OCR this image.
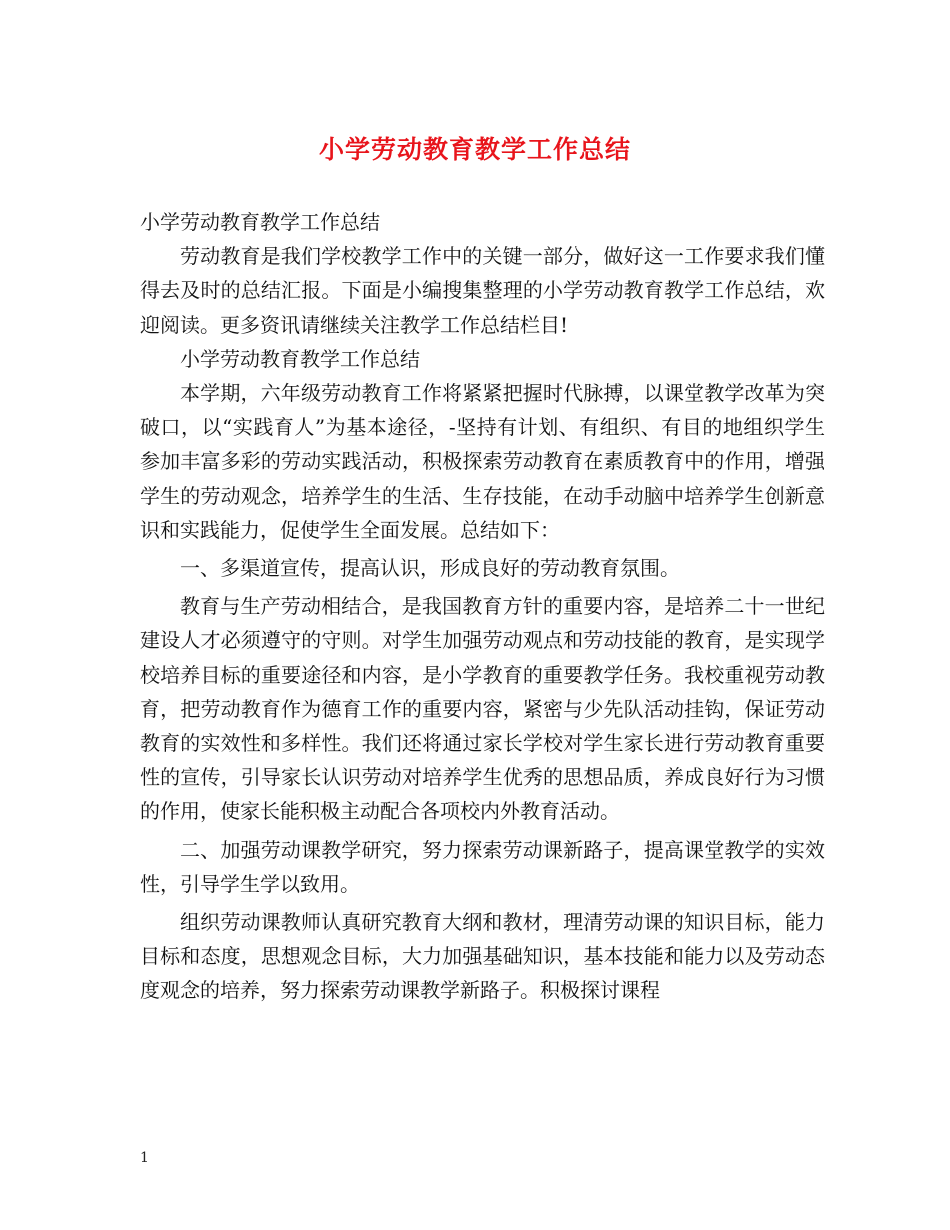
小学劳动教育教学工作总结

小学劳动教育教学工作总结

劳动教育是我们学校教学工作中的关键一部分，做好这一工作要求我们懂得去及时的总结汇报。下面是小编搜集整理的小学劳动教育教学工作总结，欢迎阅读。更多资讯请继续关注教学工作总结栏目!

小学劳动教育教学工作总结

本学期，六年级劳动教育工作将紧紧把握时代脉搏，以课堂教学改革为突破口，以“实践育人”为基本途径，-坚持有计划、有组织、有目的地组织学生参加丰富多彩的劳动实践活动，积极探索劳动教育在素质教育中的作用，增强学生的劳动观念，培养学生的生活、生存技能，在动手动脑中培养学生创新意识和实践能力，促使学生全面发展。总结如下：

一、多渠道宣传，提高认识，形成良好的劳动教育氛围。

教育与生产劳动相结合，是我国教育方针的重要内容，是培养二十一世纪建设人才必须遵守的守则。对学生加强劳动观点和劳动技能的教育，是实现学校培养目标的重要途径和内容，是小学教育的重要教学任务。我校重视劳动教育，把劳动教育作为德育工作的重要内容，紧密与少先队活动挂钩，保证劳动教育的实效性和多样性。我们还将通过家长学校对学生家长进行劳动教育重要性的宣传，引导家长认识劳动对培养学生优秀的思想品质，养成良好行为习惯的作用，使家长能积极主动配合各项校内外教育活动。

二、加强劳动课教学研究，努力探索劳动课新路子，提高课堂教学的实效性，引导学生学以致用。

组织劳动课教师认真研究教育大纲和教材，理清劳动课的知识目标，能力目标和态度，思想观念目标，大力加强基础知识，基本技能和能力以及劳动态度观念的培养，努力探索劳动课教学新路子。积极探讨课程

1
